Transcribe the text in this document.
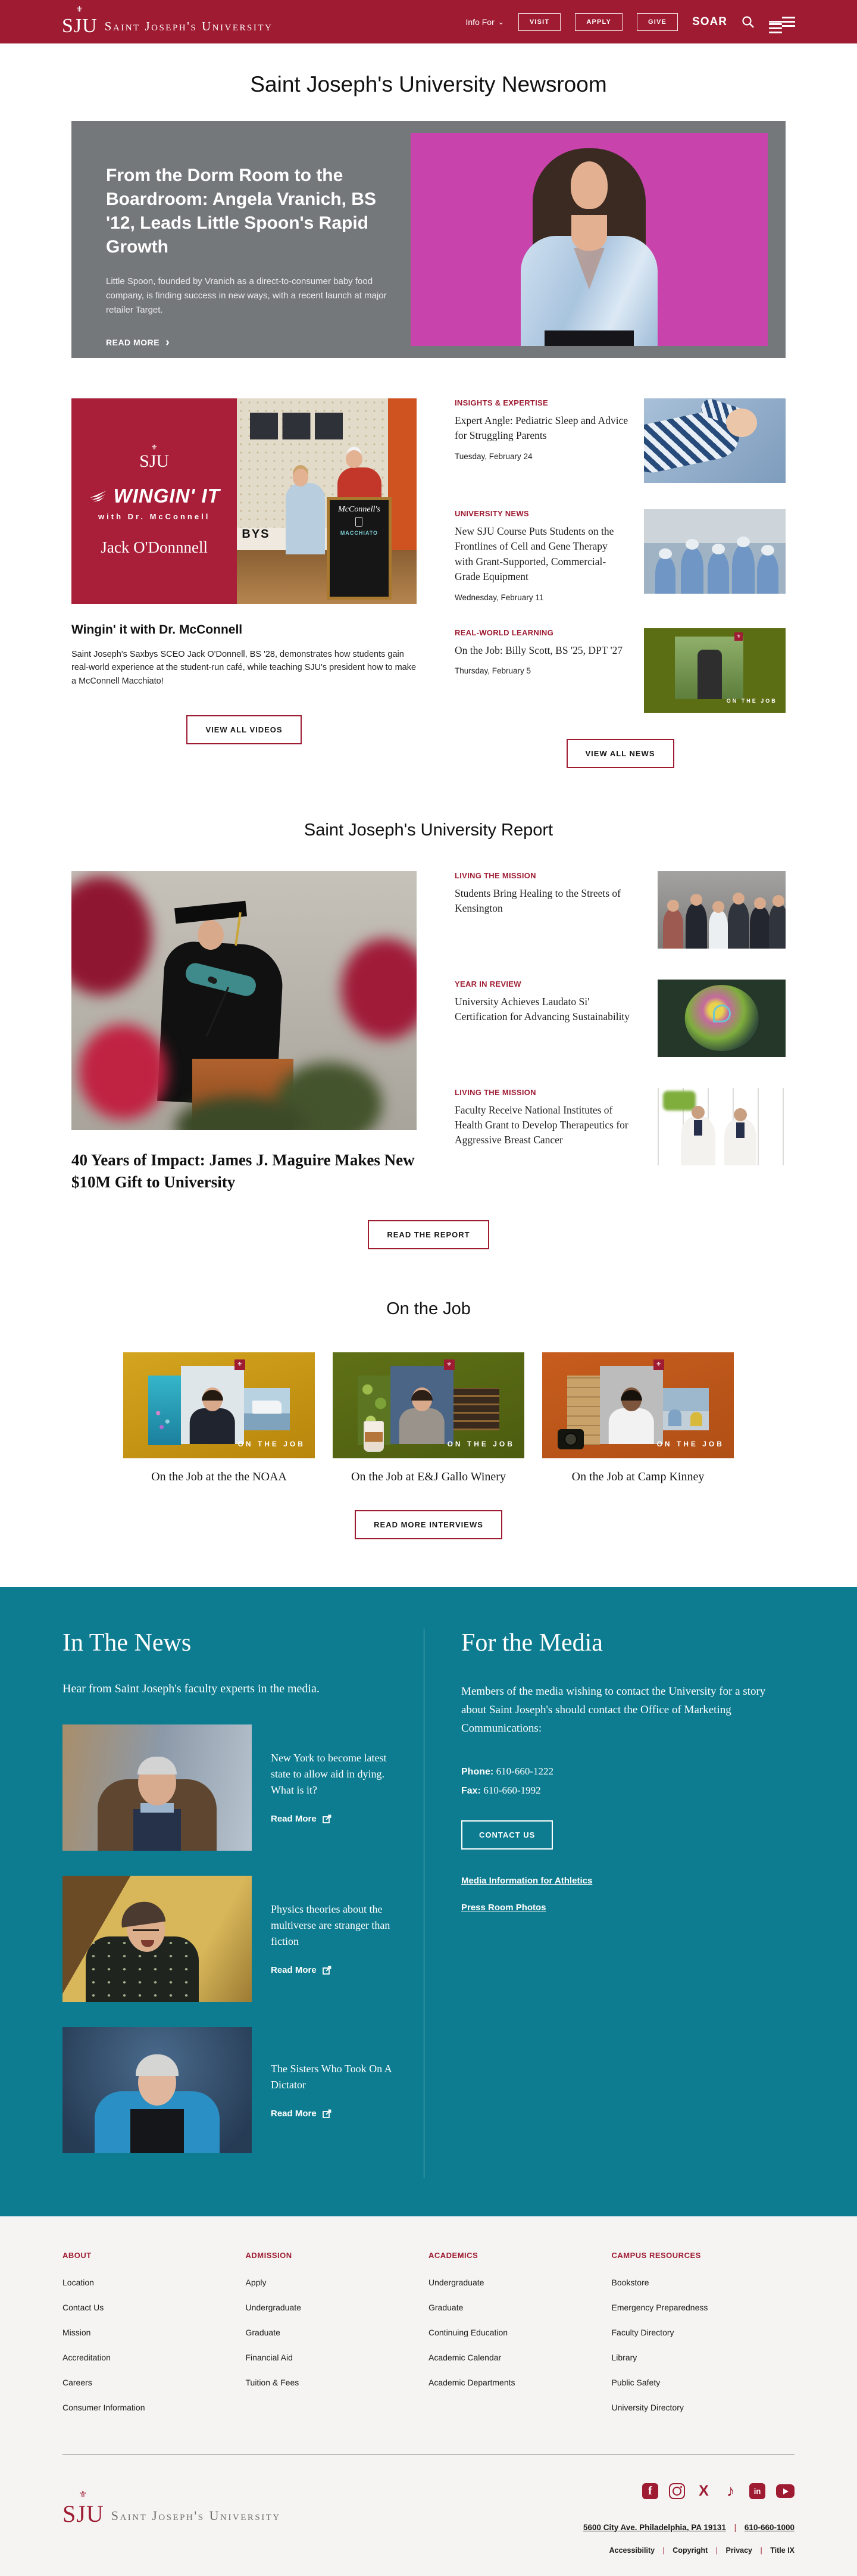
⚜
SJU Saint Joseph's University	Info For ⌄	VISIT	APPLY	GIVE	SOAR
Saint Joseph's University Newsroom
From the Dorm Room to the Boardroom: Angela Vranich, BS '12, Leads Little Spoon's Rapid Growth

Little Spoon, founded by Vranich as a direct-to-consumer baby food company, is finding success in new ways, with a recent launch at major retailer Target.

READ MORE ›
⚜
SJU
WINGIN' IT
with Dr. McConnell
Jack O'Donnnell
BYS
McConnell's
MACCHIATO
Wingin' it with Dr. McConnell

Saint Joseph's Saxbys SCEO Jack O'Donnell, BS '28, demonstrates how students gain real-world experience at the student-run café, while teaching SJU's president how to make a McConnell Macchiato!

VIEW ALL VIDEOS
INSIGHTS & EXPERTISE
Expert Angle: Pediatric Sleep and Advice for Struggling Parents
Tuesday, February 24
UNIVERSITY NEWS
New SJU Course Puts Students on the Frontlines of Cell and Gene Therapy with Grant-Supported, Commercial-Grade Equipment
Wednesday, February 11
REAL-WORLD LEARNING
On the Job: Billy Scott, BS '25, DPT '27
Thursday, February 5
⚜
ON THE JOB
VIEW ALL NEWS
Saint Joseph's University Report
40 Years of Impact: James J. Maguire Makes New $10M Gift to University
LIVING THE MISSION
Students Bring Healing to the Streets of Kensington
YEAR IN REVIEW
University Achieves Laudato Si' Certification for Advancing Sustainability
LIVING THE MISSION
Faculty Receive National Institutes of Health Grant to Develop Therapeutics for Aggressive Breast Cancer
READ THE REPORT
On the Job
⚜
ON THE JOB
⚜
ON THE JOB
⚜
ON THE JOB
On the Job at the the NOAA	On the Job at E&J Gallo Winery	On the Job at Camp Kinney
READ MORE INTERVIEWS
In The News

Hear from Saint Joseph's faculty experts in the media.

New York to become latest state to allow aid in dying. What is it?
Read More
Physics theories about the multiverse are stranger than fiction
Read More
The Sisters Who Took On A Dictator
Read More
For the Media

Members of the media wishing to contact the University for a story about Saint Joseph's should contact the Office of Marketing Communications:

Phone: 610-660-1222
Fax: 610-660-1992
CONTACT US
Media Information for Athletics
Press Room Photos
ABOUT
Location
Contact Us
Mission
Accreditation
Careers
Consumer Information
ADMISSION
Apply
Undergraduate
Graduate
Financial Aid
Tuition & Fees
ACADEMICS
Undergraduate
Graduate
Continuing Education
Academic Calendar
Academic Departments
CAMPUS RESOURCES
Bookstore
Emergency Preparedness
Faculty Directory
Library
Public Safety
University Directory
⚜
SJU Saint Joseph's University
f	X ♪	in
5600 City Ave. Philadelphia, PA 19131 | 610-660-1000
Accessibility | Copyright | Privacy | Title IX
